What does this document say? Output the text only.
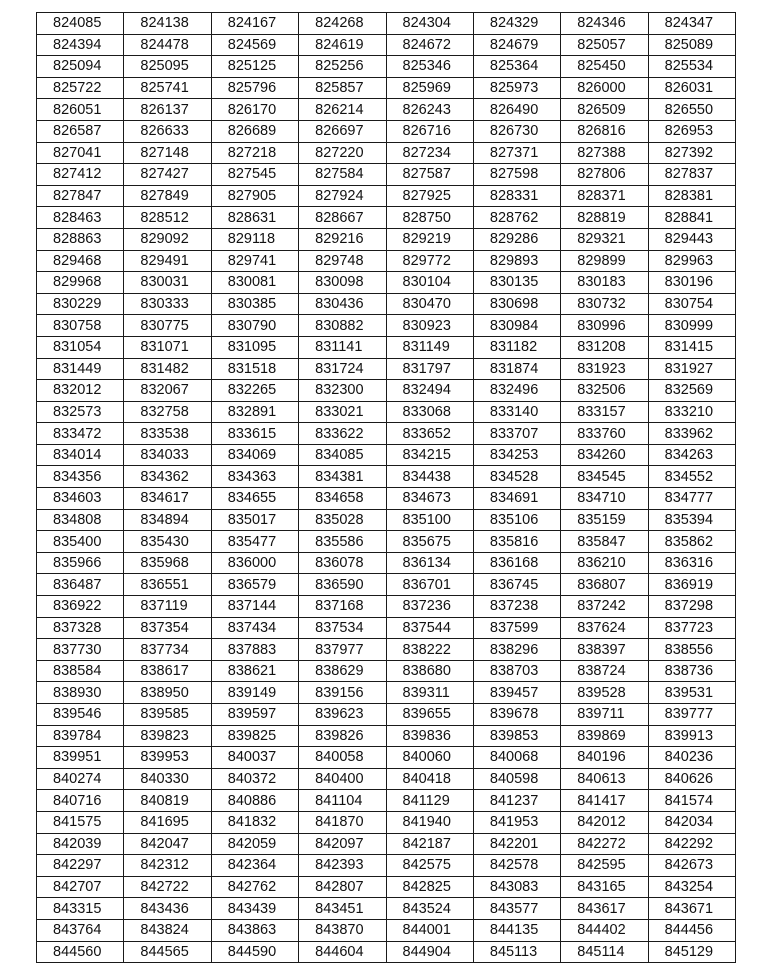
824085	824138	824167	824268	824304	824329	824346	824347
824394	824478	824569	824619	824672	824679	825057	825089
825094	825095	825125	825256	825346	825364	825450	825534
825722	825741	825796	825857	825969	825973	826000	826031
826051	826137	826170	826214	826243	826490	826509	826550
826587	826633	826689	826697	826716	826730	826816	826953
827041	827148	827218	827220	827234	827371	827388	827392
827412	827427	827545	827584	827587	827598	827806	827837
827847	827849	827905	827924	827925	828331	828371	828381
828463	828512	828631	828667	828750	828762	828819	828841
828863	829092	829118	829216	829219	829286	829321	829443
829468	829491	829741	829748	829772	829893	829899	829963
829968	830031	830081	830098	830104	830135	830183	830196
830229	830333	830385	830436	830470	830698	830732	830754
830758	830775	830790	830882	830923	830984	830996	830999
831054	831071	831095	831141	831149	831182	831208	831415
831449	831482	831518	831724	831797	831874	831923	831927
832012	832067	832265	832300	832494	832496	832506	832569
832573	832758	832891	833021	833068	833140	833157	833210
833472	833538	833615	833622	833652	833707	833760	833962
834014	834033	834069	834085	834215	834253	834260	834263
834356	834362	834363	834381	834438	834528	834545	834552
834603	834617	834655	834658	834673	834691	834710	834777
834808	834894	835017	835028	835100	835106	835159	835394
835400	835430	835477	835586	835675	835816	835847	835862
835966	835968	836000	836078	836134	836168	836210	836316
836487	836551	836579	836590	836701	836745	836807	836919
836922	837119	837144	837168	837236	837238	837242	837298
837328	837354	837434	837534	837544	837599	837624	837723
837730	837734	837883	837977	838222	838296	838397	838556
838584	838617	838621	838629	838680	838703	838724	838736
838930	838950	839149	839156	839311	839457	839528	839531
839546	839585	839597	839623	839655	839678	839711	839777
839784	839823	839825	839826	839836	839853	839869	839913
839951	839953	840037	840058	840060	840068	840196	840236
840274	840330	840372	840400	840418	840598	840613	840626
840716	840819	840886	841104	841129	841237	841417	841574
841575	841695	841832	841870	841940	841953	842012	842034
842039	842047	842059	842097	842187	842201	842272	842292
842297	842312	842364	842393	842575	842578	842595	842673
842707	842722	842762	842807	842825	843083	843165	843254
843315	843436	843439	843451	843524	843577	843617	843671
843764	843824	843863	843870	844001	844135	844402	844456
844560	844565	844590	844604	844904	845113	845114	845129
